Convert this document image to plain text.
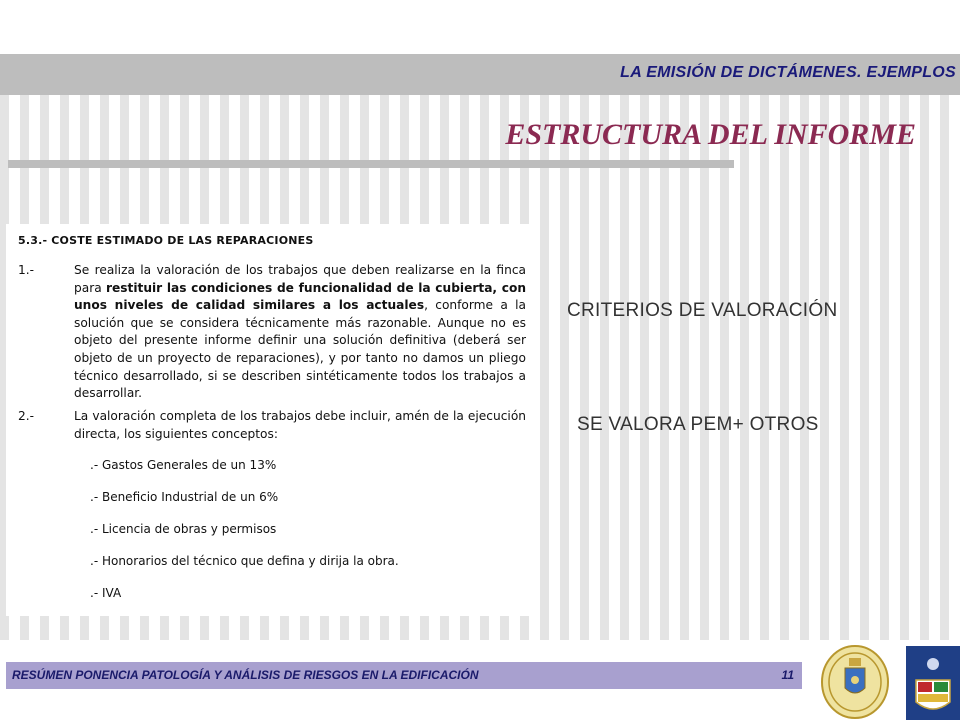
LA EMISIÓN DE DICTÁMENES. EJEMPLOS
ESTRUCTURA DEL INFORME
5.3.- COSTE ESTIMADO DE LAS REPARACIONES
1.-	Se realiza la valoración de los trabajos que deben realizarse en la finca para restituir las condiciones de funcionalidad de la cubierta, con unos niveles de calidad similares a los actuales, conforme a la solución que se considera técnicamente más razonable. Aunque no es objeto del presente informe definir una solución definitiva (deberá ser objeto de un proyecto de reparaciones), y por tanto no damos un pliego técnico desarrollado, si se describen sintéticamente todos los trabajos a desarrollar.
2.-	La valoración completa de los trabajos debe incluir, amén de la ejecución directa, los siguientes conceptos:
.- Gastos Generales de un 13%
.- Beneficio Industrial de un 6%
.- Licencia de obras y permisos
.- Honorarios del técnico que defina y dirija la obra.
.- IVA
CRITERIOS DE VALORACIÓN
SE VALORA PEM+ OTROS
RESÚMEN PONENCIA PATOLOGÍA Y ANÁLISIS DE RIESGOS EN LA EDIFICACIÓN	11
